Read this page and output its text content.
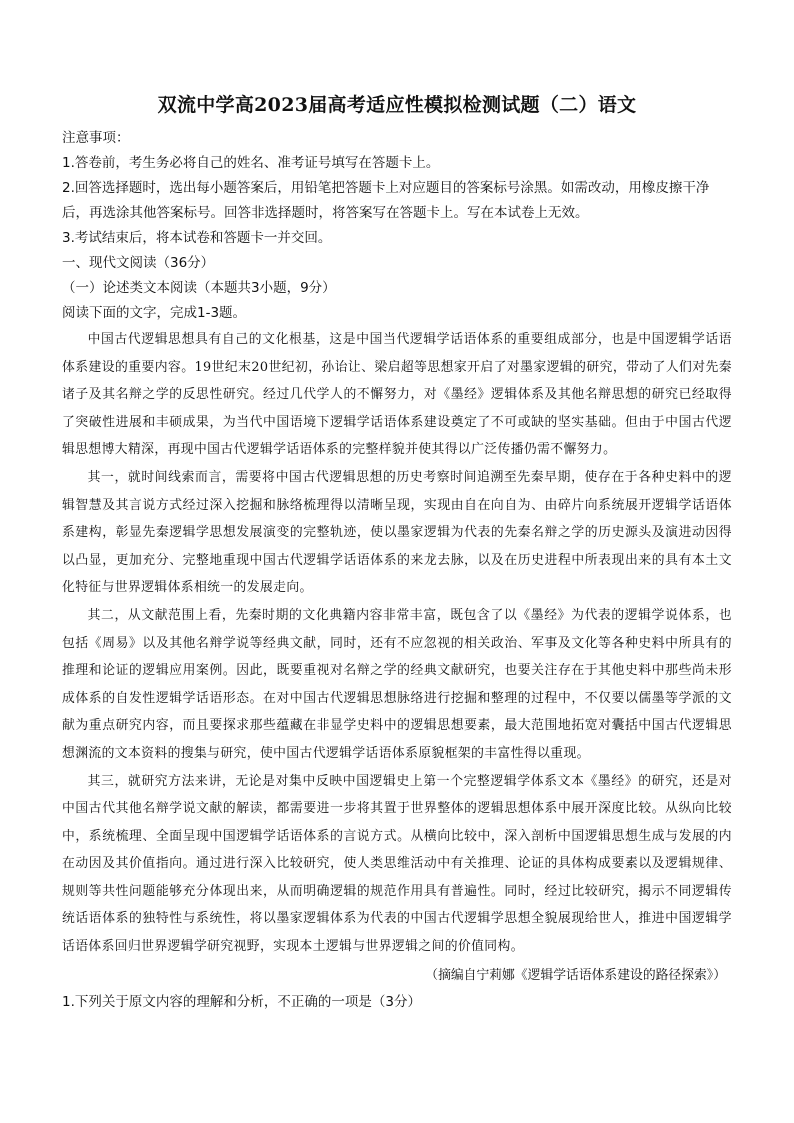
双流中学高2023届高考适应性模拟检测试题（二）语文

注意事项：

1.答卷前，考生务必将自己的姓名、准考证号填写在答题卡上。

2.回答选择题时，选出每小题答案后，用铅笔把答题卡上对应题目的答案标号涂黑。如需改动，用橡皮擦干净后，再选涂其他答案标号。回答非选择题时，将答案写在答题卡上。写在本试卷上无效。

3.考试结束后，将本试卷和答题卡一并交回。

一、现代文阅读（36分）

（一）论述类文本阅读（本题共3小题，9分）

阅读下面的文字，完成1-3题。

中国古代逻辑思想具有自己的文化根基，这是中国当代逻辑学话语体系的重要组成部分，也是中国逻辑学话语体系建设的重要内容。19世纪末20世纪初，孙诒让、梁启超等思想家开启了对墨家逻辑的研究，带动了人们对先秦诸子及其名辩之学的反思性研究。经过几代学人的不懈努力，对《墨经》逻辑体系及其他名辩思想的研究已经取得了突破性进展和丰硕成果，为当代中国语境下逻辑学话语体系建设奠定了不可或缺的坚实基础。但由于中国古代逻辑思想博大精深，再现中国古代逻辑学话语体系的完整样貌并使其得以广泛传播仍需不懈努力。

其一，就时间线索而言，需要将中国古代逻辑思想的历史考察时间追溯至先秦早期，使存在于各种史料中的逻辑智慧及其言说方式经过深入挖掘和脉络梳理得以清晰呈现，实现由自在向自为、由碎片向系统展开逻辑学话语体系建构，彰显先秦逻辑学思想发展演变的完整轨迹，使以墨家逻辑为代表的先秦名辩之学的历史源头及演进动因得以凸显，更加充分、完整地重现中国古代逻辑学话语体系的来龙去脉，以及在历史进程中所表现出来的具有本土文化特征与世界逻辑体系相统一的发展走向。

其二，从文献范围上看，先秦时期的文化典籍内容非常丰富，既包含了以《墨经》为代表的逻辑学说体系，也包括《周易》以及其他名辩学说等经典文献，同时，还有不应忽视的相关政治、军事及文化等各种史料中所具有的推理和论证的逻辑应用案例。因此，既要重视对名辩之学的经典文献研究，也要关注存在于其他史料中那些尚未形成体系的自发性逻辑学话语形态。在对中国古代逻辑思想脉络进行挖掘和整理的过程中，不仅要以儒墨等学派的文献为重点研究内容，而且要探求那些蕴藏在非显学史料中的逻辑思想要素，最大范围地拓宽对囊括中国古代逻辑思想渊流的文本资料的搜集与研究，使中国古代逻辑学话语体系原貌框架的丰富性得以重现。

其三，就研究方法来讲，无论是对集中反映中国逻辑史上第一个完整逻辑学体系文本《墨经》的研究，还是对中国古代其他名辩学说文献的解读，都需要进一步将其置于世界整体的逻辑思想体系中展开深度比较。从纵向比较中，系统梳理、全面呈现中国逻辑学话语体系的言说方式。从横向比较中，深入剖析中国逻辑思想生成与发展的内在动因及其价值指向。通过进行深入比较研究，使人类思维活动中有关推理、论证的具体构成要素以及逻辑规律、规则等共性问题能够充分体现出来，从而明确逻辑的规范作用具有普遍性。同时，经过比较研究，揭示不同逻辑传统话语体系的独特性与系统性，将以墨家逻辑体系为代表的中国古代逻辑学思想全貌展现给世人，推进中国逻辑学话语体系回归世界逻辑学研究视野，实现本土逻辑与世界逻辑之间的价值同构。

（摘编自宁莉娜《逻辑学话语体系建设的路径探索》）

1.下列关于原文内容的理解和分析，不正确的一项是（3分）
